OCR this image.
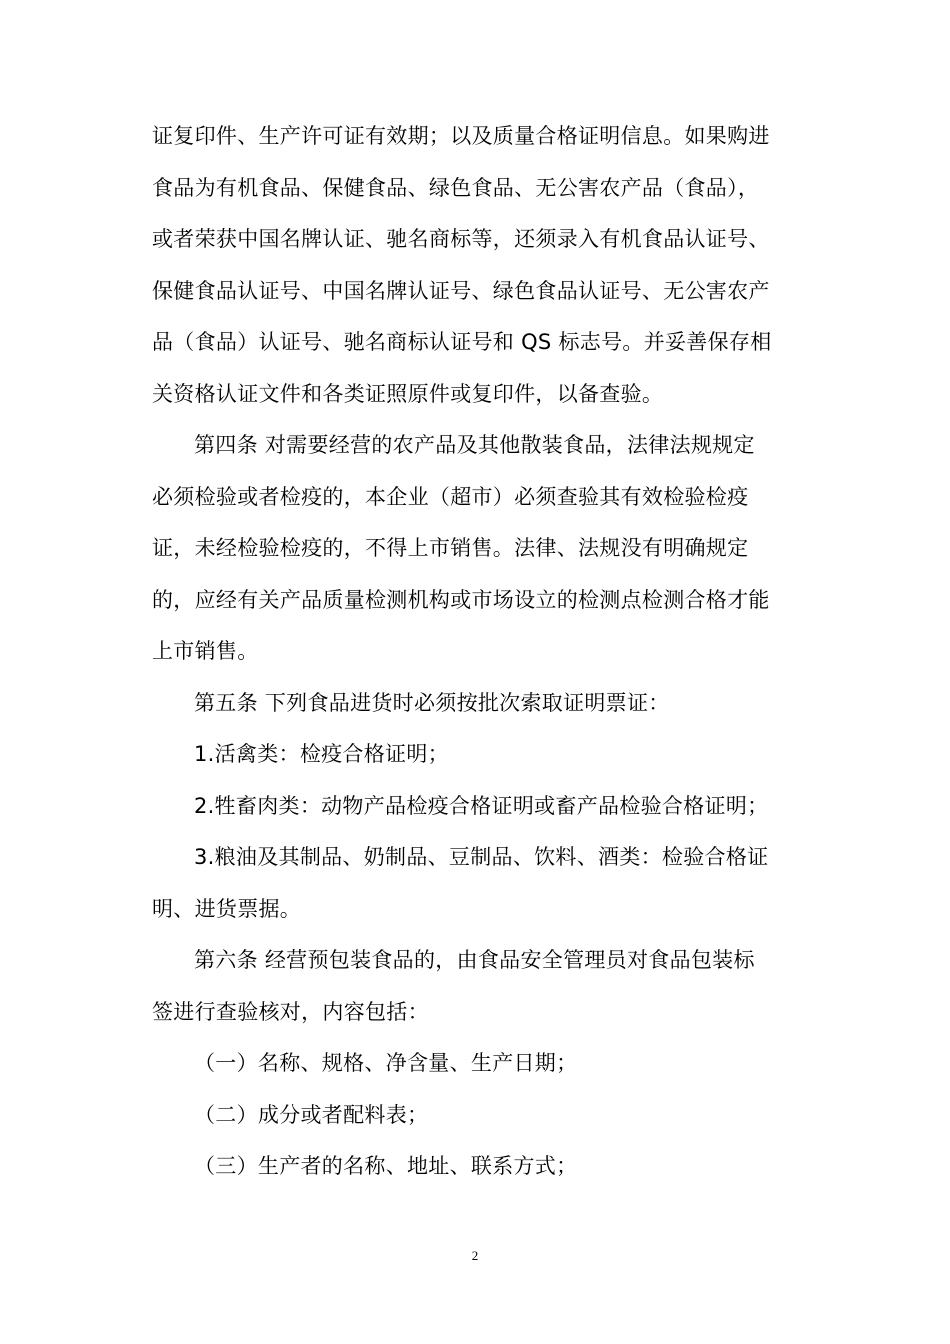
证复印件、生产许可证有效期；以及质量合格证明信息。如果购进
食品为有机食品、保健食品、绿色食品、无公害农产品（食品），
或者荣获中国名牌认证、驰名商标等，还须录入有机食品认证号、
保健食品认证号、中国名牌认证号、绿色食品认证号、无公害农产
品（食品）认证号、驰名商标认证号和 QS 标志号。并妥善保存相
关资格认证文件和各类证照原件或复印件，以备查验。
第四条 对需要经营的农产品及其他散装食品，法律法规规定
必须检验或者检疫的，本企业（超市）必须查验其有效检验检疫
证，未经检验检疫的，不得上市销售。法律、法规没有明确规定
的，应经有关产品质量检测机构或市场设立的检测点检测合格才能
上市销售。
第五条 下列食品进货时必须按批次索取证明票证：
1.活禽类：检疫合格证明；
2.牲畜肉类：动物产品检疫合格证明或畜产品检验合格证明；
3.粮油及其制品、奶制品、豆制品、饮料、酒类：检验合格证
明、进货票据。
第六条 经营预包装食品的，由食品安全管理员对食品包装标
签进行查验核对，内容包括：
（一）名称、规格、净含量、生产日期；
（二）成分或者配料表；
（三）生产者的名称、地址、联系方式；
2
